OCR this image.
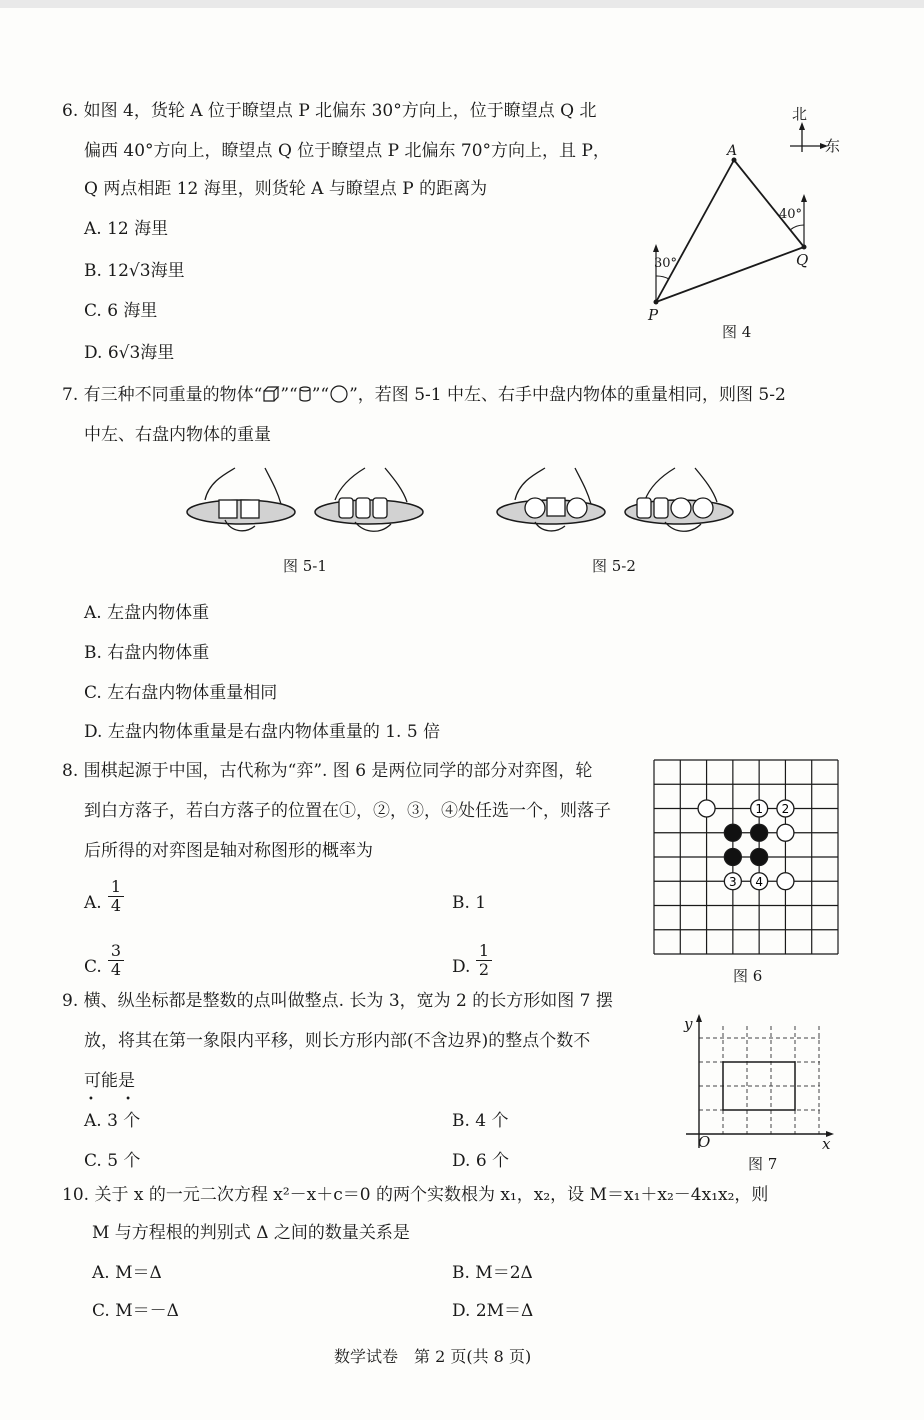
6. 如图 4，货轮 A 位于瞭望点 P 北偏东 30°方向上，位于瞭望点 Q 北
偏西 40°方向上，瞭望点 Q 位于瞭望点 P 北偏东 70°方向上，且 P，
Q 两点相距 12 海里，则货轮 A 与瞭望点 P 的距离为
A. 12 海里
B. 12√3海里
C. 6 海里
D. 6√3海里
北
东
A
P
Q
30°
40°
图 4
7. 有三种不同重量的物体“ ”“ ”“ ”，若图 5-1 中左、右手中盘内物体的重量相同，则图 5-2
中左、右盘内物体的重量
图 5-1	图 5-2
A. 左盘内物体重
B. 右盘内物体重
C. 左右盘内物体重量相同
D. 左盘内物体重量是右盘内物体重量的 1. 5 倍
8. 围棋起源于中国，古代称为“弈”. 图 6 是两位同学的部分对弈图，轮
到白方落子，若白方落子的位置在①，②，③，④处任选一个，则落子
后所得的对弈图是轴对称图形的概率为
A. $\frac{1}{4}$	B. 1
C. $\frac{3}{4}$	D. $\frac{1}{2}$
1 2
3 4
图 6
9. 横、纵坐标都是整数的点叫做整点. 长为 3，宽为 2 的长方形如图 7 摆
放，将其在第一象限内平移，则长方形内部(不含边界)的整点个数不
可能是
• •
A. 3 个	B. 4 个
C. 5 个	D. 6 个
y
x
O
图 7
10. 关于 x 的一元二次方程 x²－x＋c＝0 的两个实数根为 x₁，x₂，设 M＝x₁＋x₂－4x₁x₂，则
M 与方程根的判别式 Δ 之间的数量关系是
A. M＝Δ	B. M＝2Δ
C. M＝－Δ	D. 2M＝Δ
数学试卷　第 2 页(共 8 页)
